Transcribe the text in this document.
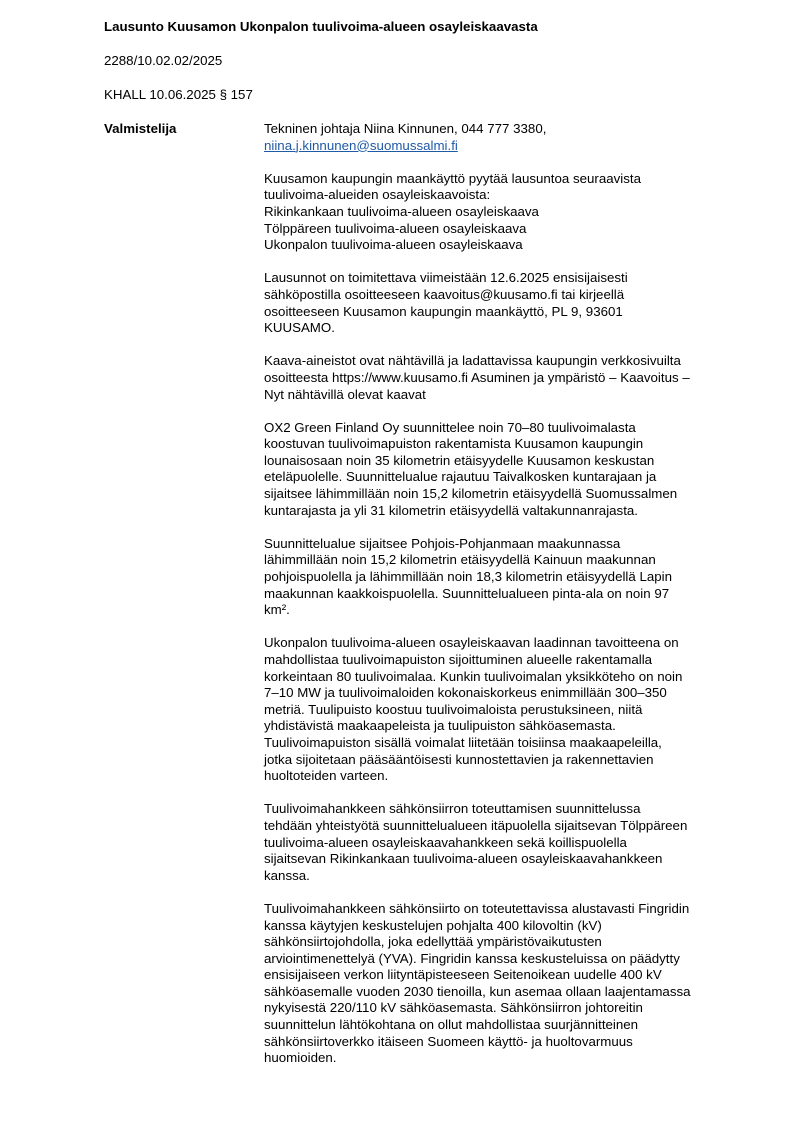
Lausunto Kuusamon Ukonpalon tuulivoima-alueen osayleiskaavasta
2288/10.02.02/2025
KHALL 10.06.2025 § 157
Valmistelija	Tekninen johtaja Niina Kinnunen, 044 777 3380,
niina.j.kinnunen@suomussalmi.fi
Kuusamon kaupungin maankäyttö pyytää lausuntoa seuraavista
tuulivoima-alueiden osayleiskaavoista:
Rikinkankaan tuulivoima-alueen osayleiskaava
Tölppäreen tuulivoima-alueen osayleiskaava
Ukonpalon tuulivoima-alueen osayleiskaava
Lausunnot on toimitettava viimeistään 12.6.2025 ensisijaisesti
sähköpostilla osoitteeseen kaavoitus@kuusamo.fi tai kirjeellä
osoitteeseen Kuusamon kaupungin maankäyttö, PL 9, 93601
KUUSAMO.
Kaava-aineistot ovat nähtävillä ja ladattavissa kaupungin verkkosivuilta
osoitteesta https://www.kuusamo.fi Asuminen ja ympäristö – Kaavoitus –
Nyt nähtävillä olevat kaavat
OX2 Green Finland Oy suunnittelee noin 70–80 tuulivoimalasta
koostuvan tuulivoimapuiston rakentamista Kuusamon kaupungin
lounaisosaan noin 35 kilometrin etäisyydelle Kuusamon keskustan
eteläpuolelle. Suunnittelualue rajautuu Taivalkosken kuntarajaan ja
sijaitsee lähimmillään noin 15,2 kilometrin etäisyydellä Suomussalmen
kuntarajasta ja yli 31 kilometrin etäisyydellä valtakunnanrajasta.
Suunnittelualue sijaitsee Pohjois-Pohjanmaan maakunnassa
lähimmillään noin 15,2 kilometrin etäisyydellä Kainuun maakunnan
pohjoispuolella ja lähimmillään noin 18,3 kilometrin etäisyydellä Lapin
maakunnan kaakkoispuolella. Suunnittelualueen pinta-ala on noin 97
km².
Ukonpalon tuulivoima-alueen osayleiskaavan laadinnan tavoitteena on
mahdollistaa tuulivoimapuiston sijoittuminen alueelle rakentamalla
korkeintaan 80 tuulivoimalaa. Kunkin tuulivoimalan yksikköteho on noin
7–10 MW ja tuulivoimaloiden kokonaiskorkeus enimmillään 300–350
metriä. Tuulipuisto koostuu tuulivoimaloista perustuksineen, niitä
yhdistävistä maakaapeleista ja tuulipuiston sähköasemasta.
Tuulivoimapuiston sisällä voimalat liitetään toisiinsa maakaapeleilla,
jotka sijoitetaan pääsääntöisesti kunnostettavien ja rakennettavien
huoltoteiden varteen.
Tuulivoimahankkeen sähkönsiirron toteuttamisen suunnittelussa
tehdään yhteistyötä suunnittelualueen itäpuolella sijaitsevan Tölppäreen
tuulivoima-alueen osayleiskaavahankkeen sekä koillispuolella
sijaitsevan Rikinkankaan tuulivoima-alueen osayleiskaavahankkeen
kanssa.
Tuulivoimahankkeen sähkönsiirto on toteutettavissa alustavasti Fingridin
kanssa käytyjen keskustelujen pohjalta 400 kilovoltin (kV)
sähkönsiirtojohdolla, joka edellyttää ympäristövaikutusten
arviointimenettelyä (YVA). Fingridin kanssa keskusteluissa on päädytty
ensisijaiseen verkon liityntäpisteeseen Seitenoikean uudelle 400 kV
sähköasemalle vuoden 2030 tienoilla, kun asemaa ollaan laajentamassa
nykyisestä 220/110 kV sähköasemasta. Sähkönsiirron johtoreitin
suunnittelun lähtökohtana on ollut mahdollistaa suurjännitteinen
sähkönsiirtoverkko itäiseen Suomeen käyttö- ja huoltovarmuus
huomioiden.
